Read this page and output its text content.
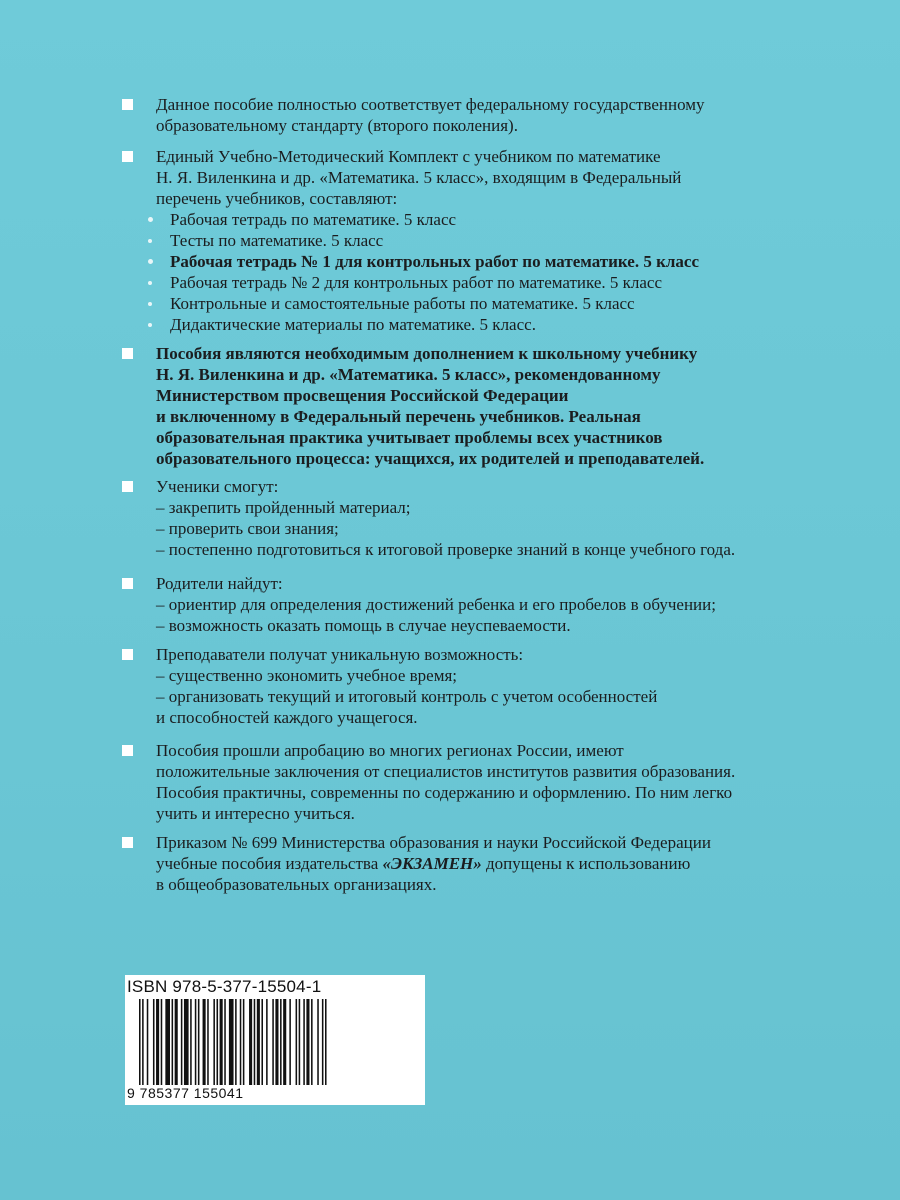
Данное пособие полностью соответствует федеральному государственному
образовательному стандарту (второго поколения).
Единый Учебно-Методический Комплект с учебником по математике
Н. Я. Виленкина и др. «Математика. 5 класс», входящим в Федеральный
перечень учебников, составляют:
Рабочая тетрадь по математике. 5 класс
Тесты по математике. 5 класс
Рабочая тетрадь № 1 для контрольных работ по математике. 5 класс
Рабочая тетрадь № 2 для контрольных работ по математике. 5 класс
Контрольные и самостоятельные работы по математике. 5 класс
Дидактические материалы по математике. 5 класс.
Пособия являются необходимым дополнением к школьному учебнику
Н. Я. Виленкина и др. «Математика. 5 класс», рекомендованному
Министерством просвещения Российской Федерации
и включенному в Федеральный перечень учебников. Реальная
образовательная практика учитывает проблемы всех участников
образовательного процесса: учащихся, их родителей и преподавателей.
Ученики смогут:
– закрепить пройденный материал;
– проверить свои знания;
– постепенно подготовиться к итоговой проверке знаний в конце учебного года.
Родители найдут:
– ориентир для определения достижений ребенка и его пробелов в обучении;
– возможность оказать помощь в случае неуспеваемости.
Преподаватели получат уникальную возможность:
– существенно экономить учебное время;
– организовать текущий и итоговый контроль с учетом особенностей
и способностей каждого учащегося.
Пособия прошли апробацию во многих регионах России, имеют
положительные заключения от специалистов институтов развития образования.
Пособия практичны, современны по содержанию и оформлению. По ним легко
учить и интересно учиться.
Приказом № 699 Министерства образования и науки Российской Федерации
учебные пособия издательства «ЭКЗАМЕН» допущены к использованию
в общеобразовательных организациях.
ISBN 978-5-377-15504-1
9 785377 155041
